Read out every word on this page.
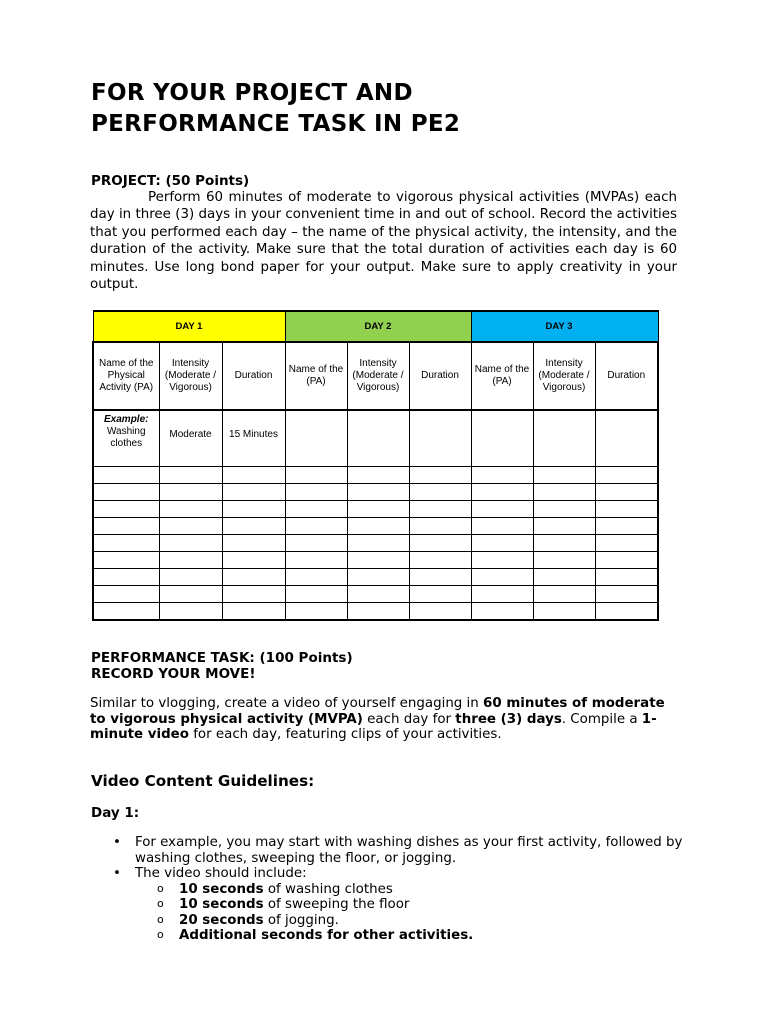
FOR YOUR PROJECT AND
PERFORMANCE TASK IN PE2
PROJECT: (50 Points)
Perform 60 minutes of moderate to vigorous physical activities (MVPAs) each day in three (3) days in your convenient time in and out of school. Record the activities that you performed each day – the name of the physical activity, the intensity, and the duration of the activity. Make sure that the total duration of activities each day is 60 minutes. Use long bond paper for your output. Make sure to apply creativity in your output.
DAY 1			DAY 2			DAY 3		
Name of the Physical Activity (PA)	Intensity (Moderate / Vigorous)	Duration	Name of the (PA)	Intensity (Moderate / Vigorous)	Duration	Name of the (PA)	Intensity (Moderate / Vigorous)	Duration

Example:
Washing clothes	Moderate	15 Minutes						

PERFORMANCE TASK: (100 Points)
RECORD YOUR MOVE!
Similar to vlogging, create a video of yourself engaging in 60 minutes of moderate to vigorous physical activity (MVPA) each day for three (3) days. Compile a 1-minute video for each day, featuring clips of your activities.
Video Content Guidelines:
Day 1:
• For example, you may start with washing dishes as your first activity, followed by washing clothes, sweeping the floor, or jogging.
• The video should include:
o 10 seconds of washing clothes
o 10 seconds of sweeping the floor
o 20 seconds of jogging.
o Additional seconds for other activities.
